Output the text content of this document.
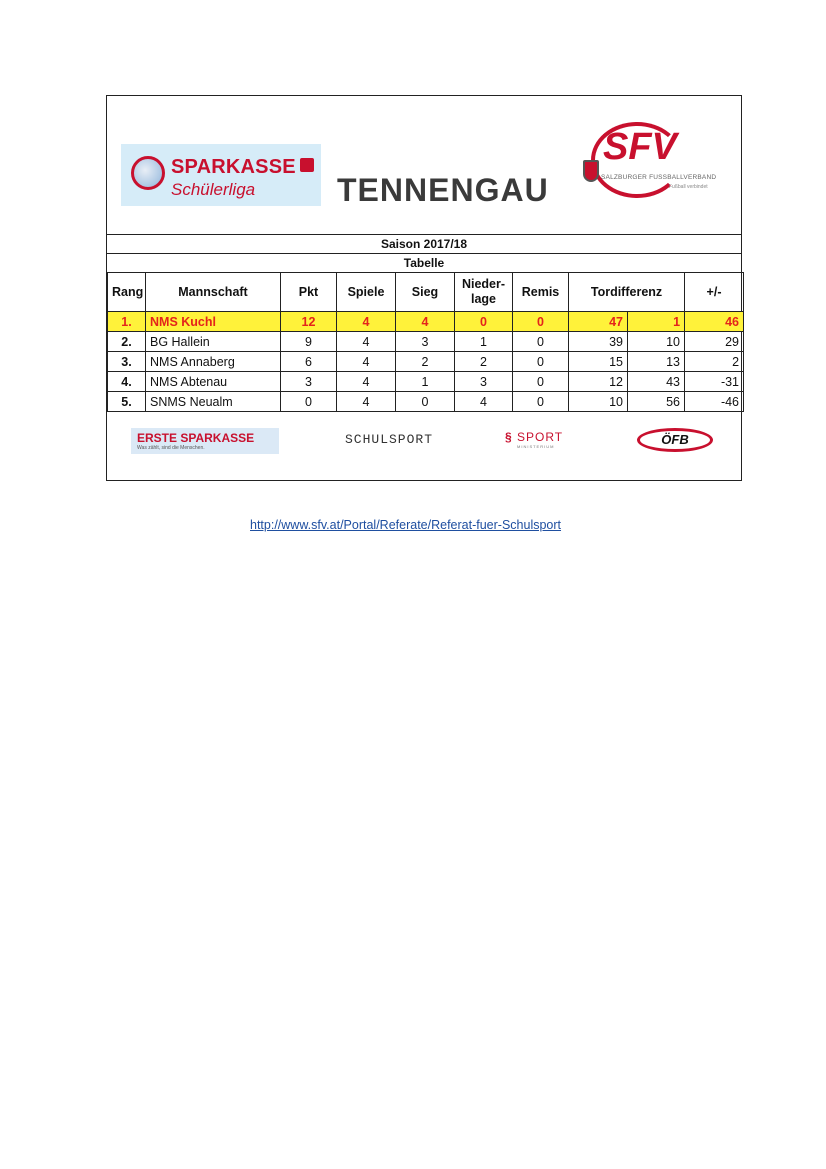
SPARKASSE
Schülerliga	TENNENGAU
SFV
SALZBURGER FUSSBALLVERBAND
Fußball verbindet
Saison 2017/18
Tabelle
Rang	Mannschaft	Pkt	Spiele	Sieg	Nieder-
lage	Remis	Tordifferenz		+/-
1.	NMS Kuchl	12	4	4	0	0	47	1	46
2.	BG Hallein	9	4	3	1	0	39	10	29
3.	NMS Annaberg	6	4	2	2	0	15	13	2
4.	NMS Abtenau	3	4	1	3	0	12	43	-31
5.	SNMS Neualm	0	4	0	4	0	10	56	-46
ERSTE SPARKASSE
Was zählt, sind die Menschen.
SCHULSPORT	§ SPORT
MINISTERIUM	ÖFB
http://www.sfv.at/Portal/Referate/Referat-fuer-Schulsport
